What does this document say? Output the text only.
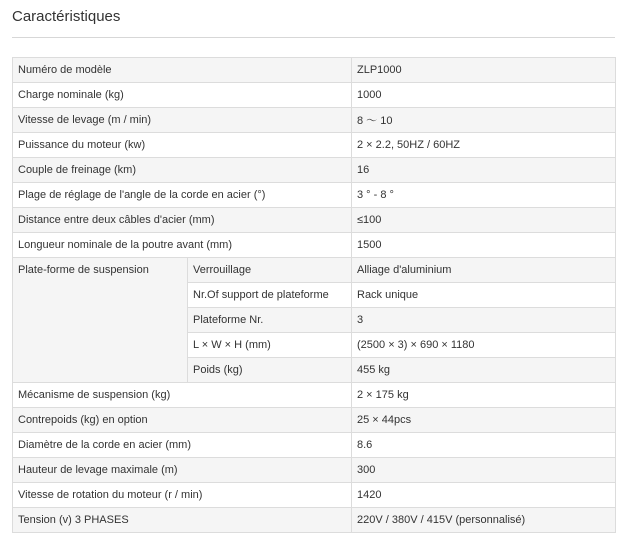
Caractéristiques
Numéro de modèle		ZLP1000
Charge nominale (kg)		1000
Vitesse de levage (m / min)		8 ～ 10
Puissance du moteur (kw)		2 × 2.2, 50HZ / 60HZ
Couple de freinage (km)		16
Plage de réglage de l'angle de la corde en acier (°)		3 ° - 8 °
Distance entre deux câbles d'acier (mm)		≤100
Longueur nominale de la poutre avant (mm)		1500
Plate-forme de suspension	Verrouillage	Alliage d'aluminium
	Nr.Of support de plateforme	Rack unique
	Plateforme Nr.	3
	L × W × H (mm)	(2500 × 3) × 690 × 1180
	Poids (kg)	455 kg
Mécanisme de suspension (kg)		2 × 175 kg
Contrepoids (kg) en option		25 × 44pcs
Diamètre de la corde en acier (mm)		8.6
Hauteur de levage maximale (m)		300
Vitesse de rotation du moteur (r / min)		1420
Tension (v) 3 PHASES		220V / 380V / 415V (personnalisé)
